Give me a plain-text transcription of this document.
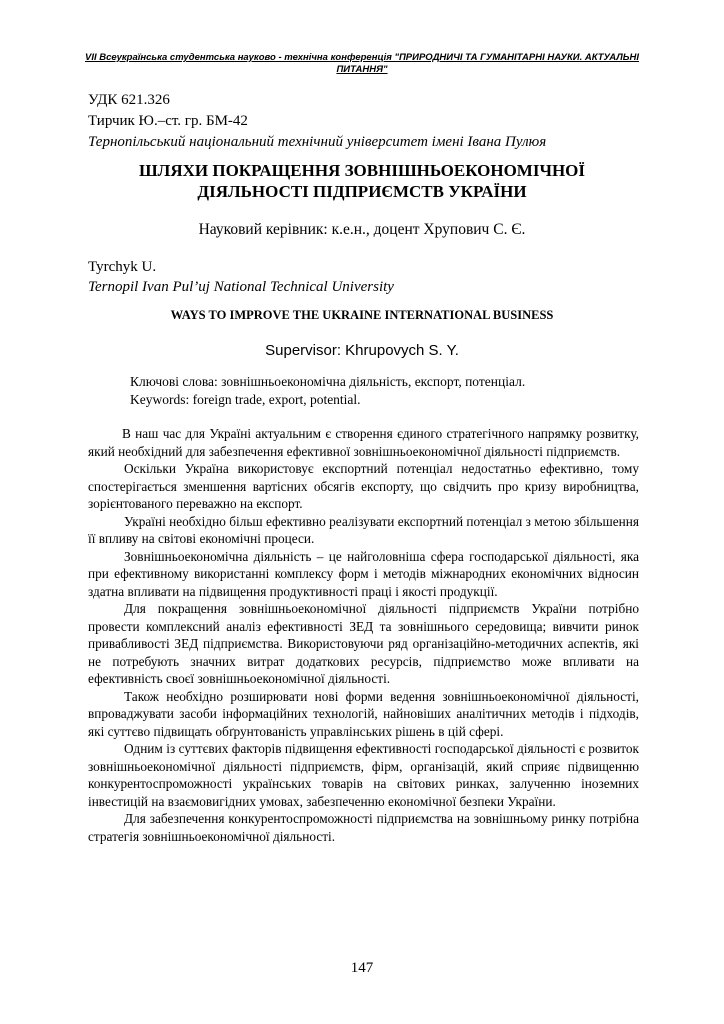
VII Всеукраїнська студентська науково - технічна конференція "ПРИРОДНИЧІ ТА ГУМАНІТАРНІ НАУКИ. АКТУАЛЬНІ ПИТАННЯ"
УДК 621.326
Тирчик Ю.–ст. гр. БМ-42
Тернопільський національний технічний університет імені Івана Пулюя
ШЛЯХИ ПОКРАЩЕННЯ ЗОВНІШНЬОЕКОНОМІЧНОЇ
ДІЯЛЬНОСТІ ПІДПРИЄМСТВ УКРАЇНИ
Науковий керівник: к.е.н., доцент Хрупович С. Є.
Tyrchyk U.
Ternopil Ivan Pul’uj National Technical University
WAYS TO IMPROVE THE UKRAINE INTERNATIONAL BUSINESS
Supervisor: Khrupovych S. Y.
Ключові слова: зовнішньоекономічна діяльність, експорт, потенціал.
Keywords: foreign trade, export, potential.

В наш час для Україні актуальним є створення єдиного стратегічного напрямку розвитку, який необхідний для забезпечення ефективної зовнішньоекономічної діяльності підприємств.

Оскільки Україна використовує експортний потенціал недостатньо ефективно, тому спостерігається зменшення вартісних обсягів експорту, що свідчить про кризу виробництва, зорієнтованого переважно на експорт.

Україні необхідно більш ефективно реалізувати експортний потенціал з метою збільшення її впливу на світові економічні процеси.

Зовнішньоекономічна діяльність – це найголовніша сфера господарської діяльності, яка при ефективному використанні комплексу форм і методів міжнародних економічних відносин здатна впливати на підвищення продуктивності праці і якості продукції.

Для покращення зовнішньоекономічної діяльності підприємств України потрібно провести комплексний аналіз ефективності ЗЕД та зовнішнього середовища; вивчити ринок привабливості ЗЕД підприємства. Використовуючи ряд організаційно-методичних аспектів, які не потребують значних витрат додаткових ресурсів, підприємство може впливати на ефективність своєї зовнішньоекономічної діяльності.

Також необхідно розширювати нові форми ведення зовнішньоекономічної діяльності, впроваджувати засоби інформаційних технологій, найновіших аналітичних методів і підходів, які суттєво підвищать обґрунтованість управлінських рішень в цій сфері.

Одним із суттєвих факторів підвищення ефективності господарської діяльності є розвиток зовнішньоекономічної діяльності підприємств, фірм, організацій, який сприяє підвищенню конкурентоспроможності українських товарів на світових ринках, залученню іноземних інвестицій на взаємовигідних умовах, забезпеченню економічної безпеки України.

Для забезпечення конкурентоспроможності підприємства на зовнішньому ринку потрібна стратегія зовнішньоекономічної діяльності.

147
